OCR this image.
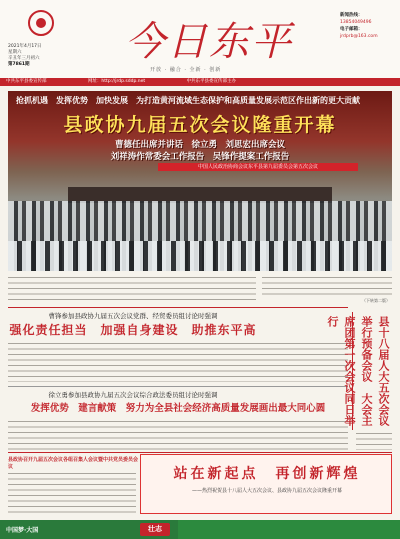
2021年4月17日
星期六
辛丑年三月初六
第7861期	今日东平
开放 · 融合 · 全新 · 创新
新闻热线：
13854049496
电子邮箱：
jrdprb@163.com
中共东平县委宣传部	网址：http://jrdp.sddp.net	中共东平县委宣传部主办
抢抓机遇　发挥优势　加快发展　为打造黄河流域生态保护和高质量发展示范区作出新的更大贡献
县政协九届五次会议隆重开幕
曹德任出席并讲话　徐立勇　刘思宏出席会议
刘祥涛作常委会工作报告　吴锋作提案工作报告
中国人民政治协商会议东平县第九届委员会第五次会议
（下转第二版）
曹锋参加县政协九届五次会议党群、经贸委员组讨论时强调
强化责任担当　加强自身建设　助推东平高
徐立勇参加县政协九届五次会议综合政法委员组讨论时强调
发挥优势　建言献策　努力为全县社会经济高质量发展画出最大同心圆	县十八届人大五次会议举行预备会议　大会主席团第一次会议同日举行
县政协召开九届五次会议各组召集人会议暨中共党员委员会议	站在新起点　再创新辉煌
——热烈祝贺县十八届人大五次会议、县政协九届五次会议隆重开幕
中国梦·大国	壮志
